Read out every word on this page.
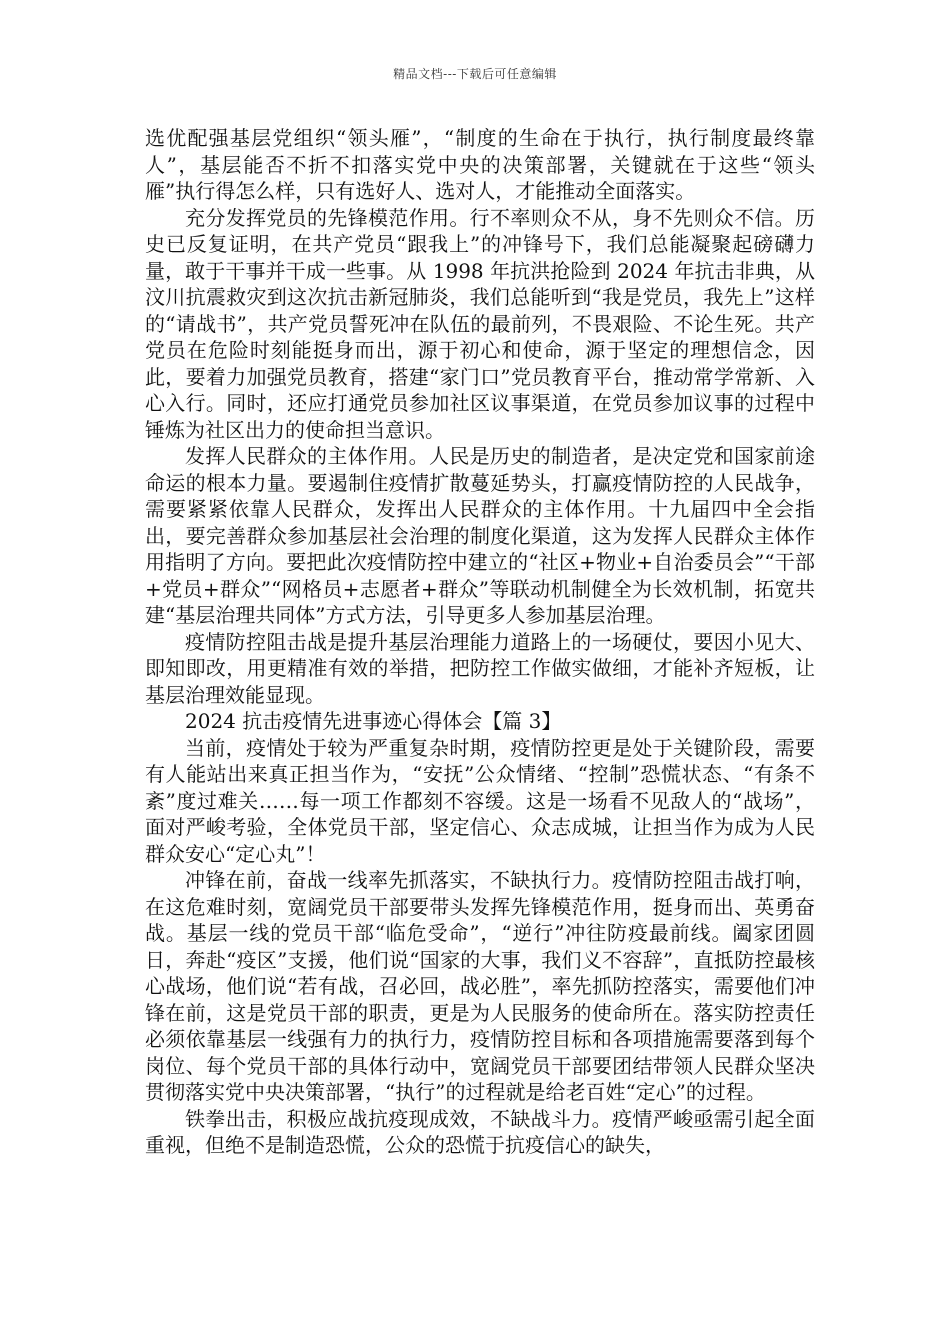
精品文档---下载后可任意编辑

选优配强基层党组织“领头雁”，“制度的生命在于执行，执行制度最终靠人”，基层能否不折不扣落实党中央的决策部署，关键就在于这些“领头雁”执行得怎么样，只有选好人、选对人，才能推动全面落实。

充分发挥党员的先锋模范作用。行不率则众不从，身不先则众不信。历史已反复证明，在共产党员“跟我上”的冲锋号下，我们总能凝聚起磅礴力量，敢于干事并干成一些事。从 1998 年抗洪抢险到 2024 年抗击非典，从汶川抗震救灾到这次抗击新冠肺炎，我们总能听到“我是党员，我先上”这样的“请战书”，共产党员誓死冲在队伍的最前列，不畏艰险、不论生死。共产党员在危险时刻能挺身而出，源于初心和使命，源于坚定的理想信念，因此，要着力加强党员教育，搭建“家门口”党员教育平台，推动常学常新、入心入行。同时，还应打通党员参加社区议事渠道，在党员参加议事的过程中锤炼为社区出力的使命担当意识。

发挥人民群众的主体作用。人民是历史的制造者，是决定党和国家前途命运的根本力量。要遏制住疫情扩散蔓延势头，打赢疫情防控的人民战争，需要紧紧依靠人民群众，发挥出人民群众的主体作用。十九届四中全会指出，要完善群众参加基层社会治理的制度化渠道，这为发挥人民群众主体作用指明了方向。要把此次疫情防控中建立的“社区+物业+自治委员会”“干部+党员+群众”“网格员+志愿者+群众”等联动机制健全为长效机制，拓宽共建“基层治理共同体”方式方法，引导更多人参加基层治理。

疫情防控阻击战是提升基层治理能力道路上的一场硬仗，要因小见大、即知即改，用更精准有效的举措，把防控工作做实做细，才能补齐短板，让基层治理效能显现。

2024 抗击疫情先进事迹心得体会【篇 3】

当前，疫情处于较为严重复杂时期，疫情防控更是处于关键阶段，需要有人能站出来真正担当作为，“安抚”公众情绪、“控制”恐慌状态、“有条不紊”度过难关……每一项工作都刻不容缓。这是一场看不见敌人的“战场”，面对严峻考验，全体党员干部，坚定信心、众志成城，让担当作为成为人民群众安心“定心丸”！

冲锋在前，奋战一线率先抓落实，不缺执行力。疫情防控阻击战打响，在这危难时刻，宽阔党员干部要带头发挥先锋模范作用，挺身而出、英勇奋战。基层一线的党员干部“临危受命”，“逆行”冲往防疫最前线。阖家团圆日，奔赴“疫区”支援，他们说“国家的大事，我们义不容辞”，直抵防控最核心战场，他们说“若有战，召必回，战必胜”，率先抓防控落实，需要他们冲锋在前，这是党员干部的职责，更是为人民服务的使命所在。落实防控责任必须依靠基层一线强有力的执行力，疫情防控目标和各项措施需要落到每个岗位、每个党员干部的具体行动中，宽阔党员干部要团结带领人民群众坚决贯彻落实党中央决策部署，“执行”的过程就是给老百姓“定心”的过程。

铁拳出击，积极应战抗疫现成效，不缺战斗力。疫情严峻亟需引起全面重视，但绝不是制造恐慌，公众的恐慌于抗疫信心的缺失，
